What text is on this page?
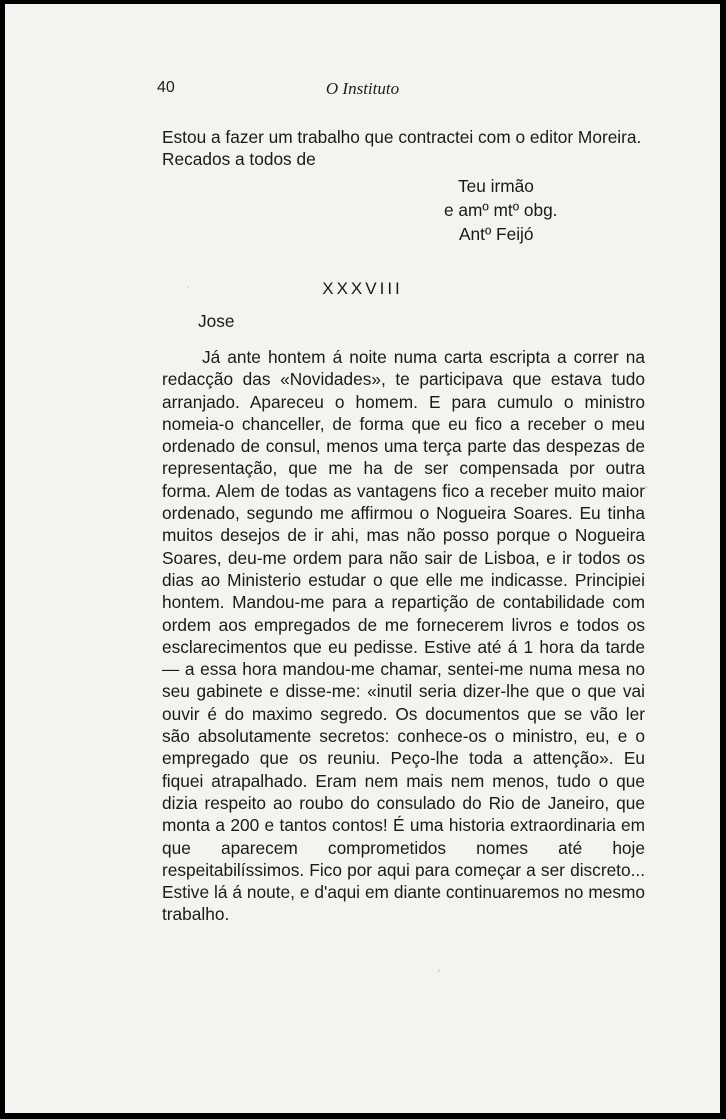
40	O Instituto
Estou a fazer um trabalho que contractei com o editor Moreira. Recados a todos de
Teu irmão
e amº mtº obg.
Antº Feijó
XXXVIII
Jose
Já ante hontem á noite numa carta escripta a correr na redacção das «Novidades», te participava que estava tudo arranjado. Apareceu o homem. E para cumulo o ministro nomeia-o chanceller, de forma que eu fico a receber o meu ordenado de consul, menos uma terça parte das despezas de representação, que me ha de ser compensada por outra forma. Alem de todas as vantagens fico a receber muito maior ordenado, segundo me affirmou o Nogueira Soares. Eu tinha muitos desejos de ir ahi, mas não posso porque o Nogueira Soares, deu-me ordem para não sair de Lisboa, e ir todos os dias ao Ministerio estudar o que elle me indicasse. Principiei hontem. Mandou-me para a repartição de contabilidade com ordem aos empregados de me fornecerem livros e todos os esclarecimentos que eu pedisse. Estive até á 1 hora da tarde — a essa hora mandou-me chamar, sentei-me numa mesa no seu gabinete e disse-me: «inutil seria dizer-lhe que o que vai ouvir é do maximo segredo. Os documentos que se vão ler são absolutamente secretos: conhece-os o ministro, eu, e o empregado que os reuniu. Peço-lhe toda a attenção». Eu fiquei atrapalhado. Eram nem mais nem menos, tudo o que dizia respeito ao roubo do consulado do Rio de Janeiro, que monta a 200 e tantos contos! É uma historia extraordinaria em que aparecem comprometidos nomes até hoje respeitabilíssimos. Fico por aqui para começar a ser discreto... Estive lá á noute, e d'aqui em diante continuaremos no mesmo trabalho.
